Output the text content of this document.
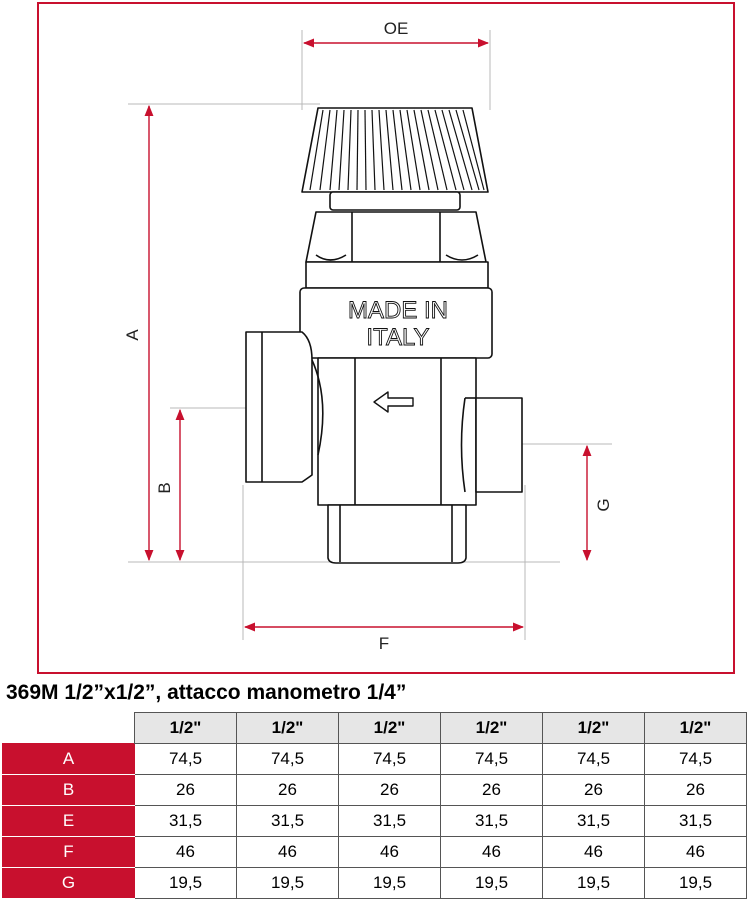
OE
A
B
G
F
MADE IN
ITALY
369M 1/2”x1/2”, attacco manometro 1/4”
	1/2"	1/2"	1/2"	1/2"	1/2"	1/2"
A	74,5	74,5	74,5	74,5	74,5	74,5
B	26	26	26	26	26	26
E	31,5	31,5	31,5	31,5	31,5	31,5
F	46	46	46	46	46	46
G	19,5	19,5	19,5	19,5	19,5	19,5
